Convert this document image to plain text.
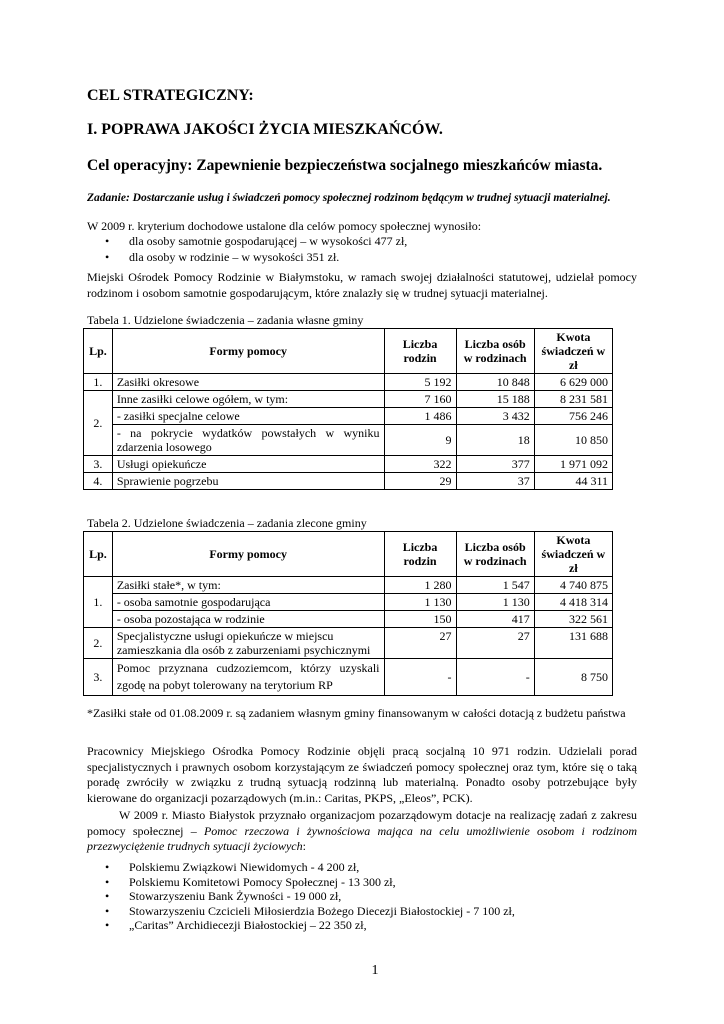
CEL STRATEGICZNY:
I. POPRAWA JAKOŚCI ŻYCIA MIESZKAŃCÓW.
Cel operacyjny: Zapewnienie bezpieczeństwa socjalnego mieszkańców miasta.
Zadanie: Dostarczanie usług i świadczeń pomocy społecznej rodzinom będącym w trudnej sytuacji materialnej.
W 2009 r. kryterium dochodowe ustalone dla celów pomocy społecznej wynosiło:
• dla osoby samotnie gospodarującej – w wysokości 477 zł,
• dla osoby w rodzinie – w wysokości 351 zł.
Miejski Ośrodek Pomocy Rodzinie w Białymstoku, w ramach swojej działalności statutowej, udzielał pomocy rodzinom i osobom samotnie gospodarującym, które znalazły się w trudnej sytuacji materialnej.
Tabela 1. Udzielone świadczenia – zadania własne gminy
Lp.	Formy pomocy	Liczba rodzin	Liczba osób w rodzinach	Kwota świadczeń w zł
1.	Zasiłki okresowe	5 192	10 848	6 629 000
2.	Inne zasiłki celowe ogółem, w tym:	7 160	15 188	8 231 581
	- zasiłki specjalne celowe	1 486	3 432	756 246
	- na pokrycie wydatków powstałych w wyniku zdarzenia losowego	9	18	10 850
3.	Usługi opiekuńcze	322	377	1 971 092
4.	Sprawienie pogrzebu	29	37	44 311
Tabela 2. Udzielone świadczenia – zadania zlecone gminy
Lp.	Formy pomocy	Liczba rodzin	Liczba osób w rodzinach	Kwota świadczeń w zł
1.	Zasiłki stałe*, w tym:	1 280	1 547	4 740 875
	- osoba samotnie gospodarująca	1 130	1 130	4 418 314
	- osoba pozostająca w rodzinie	150	417	322 561
2.	Specjalistyczne usługi opiekuńcze w miejscu zamieszkania dla osób z zaburzeniami psychicznymi	27	27	131 688
3.	Pomoc przyznana cudzoziemcom, którzy uzyskali zgodę na pobyt tolerowany na terytorium RP	-	-	8 750
*Zasiłki stałe od 01.08.2009 r. są zadaniem własnym gminy finansowanym w całości dotacją z budżetu państwa
Pracownicy Miejskiego Ośrodka Pomocy Rodzinie objęli pracą socjalną 10 971 rodzin. Udzielali porad specjalistycznych i prawnych osobom korzystającym ze świadczeń pomocy społecznej oraz tym, które się o taką poradę zwróciły w związku z trudną sytuacją rodzinną lub materialną. Ponadto osoby potrzebujące były kierowane do organizacji pozarządowych (m.in.: Caritas, PKPS, „Eleos”, PCK).
W 2009 r. Miasto Białystok przyznało organizacjom pozarządowym dotacje na realizację zadań z zakresu pomocy społecznej – Pomoc rzeczowa i żywnościowa mająca na celu umożliwienie osobom i rodzinom przezwyciężenie trudnych sytuacji życiowych:
• Polskiemu Związkowi Niewidomych - 4 200 zł,
• Polskiemu Komitetowi Pomocy Społecznej - 13 300 zł,
• Stowarzyszeniu Bank Żywności - 19 000 zł,
• Stowarzyszeniu Czcicieli Miłosierdzia Bożego Diecezji Białostockiej - 7 100 zł,
• „Caritas” Archidiecezji Białostockiej – 22 350 zł,
1
